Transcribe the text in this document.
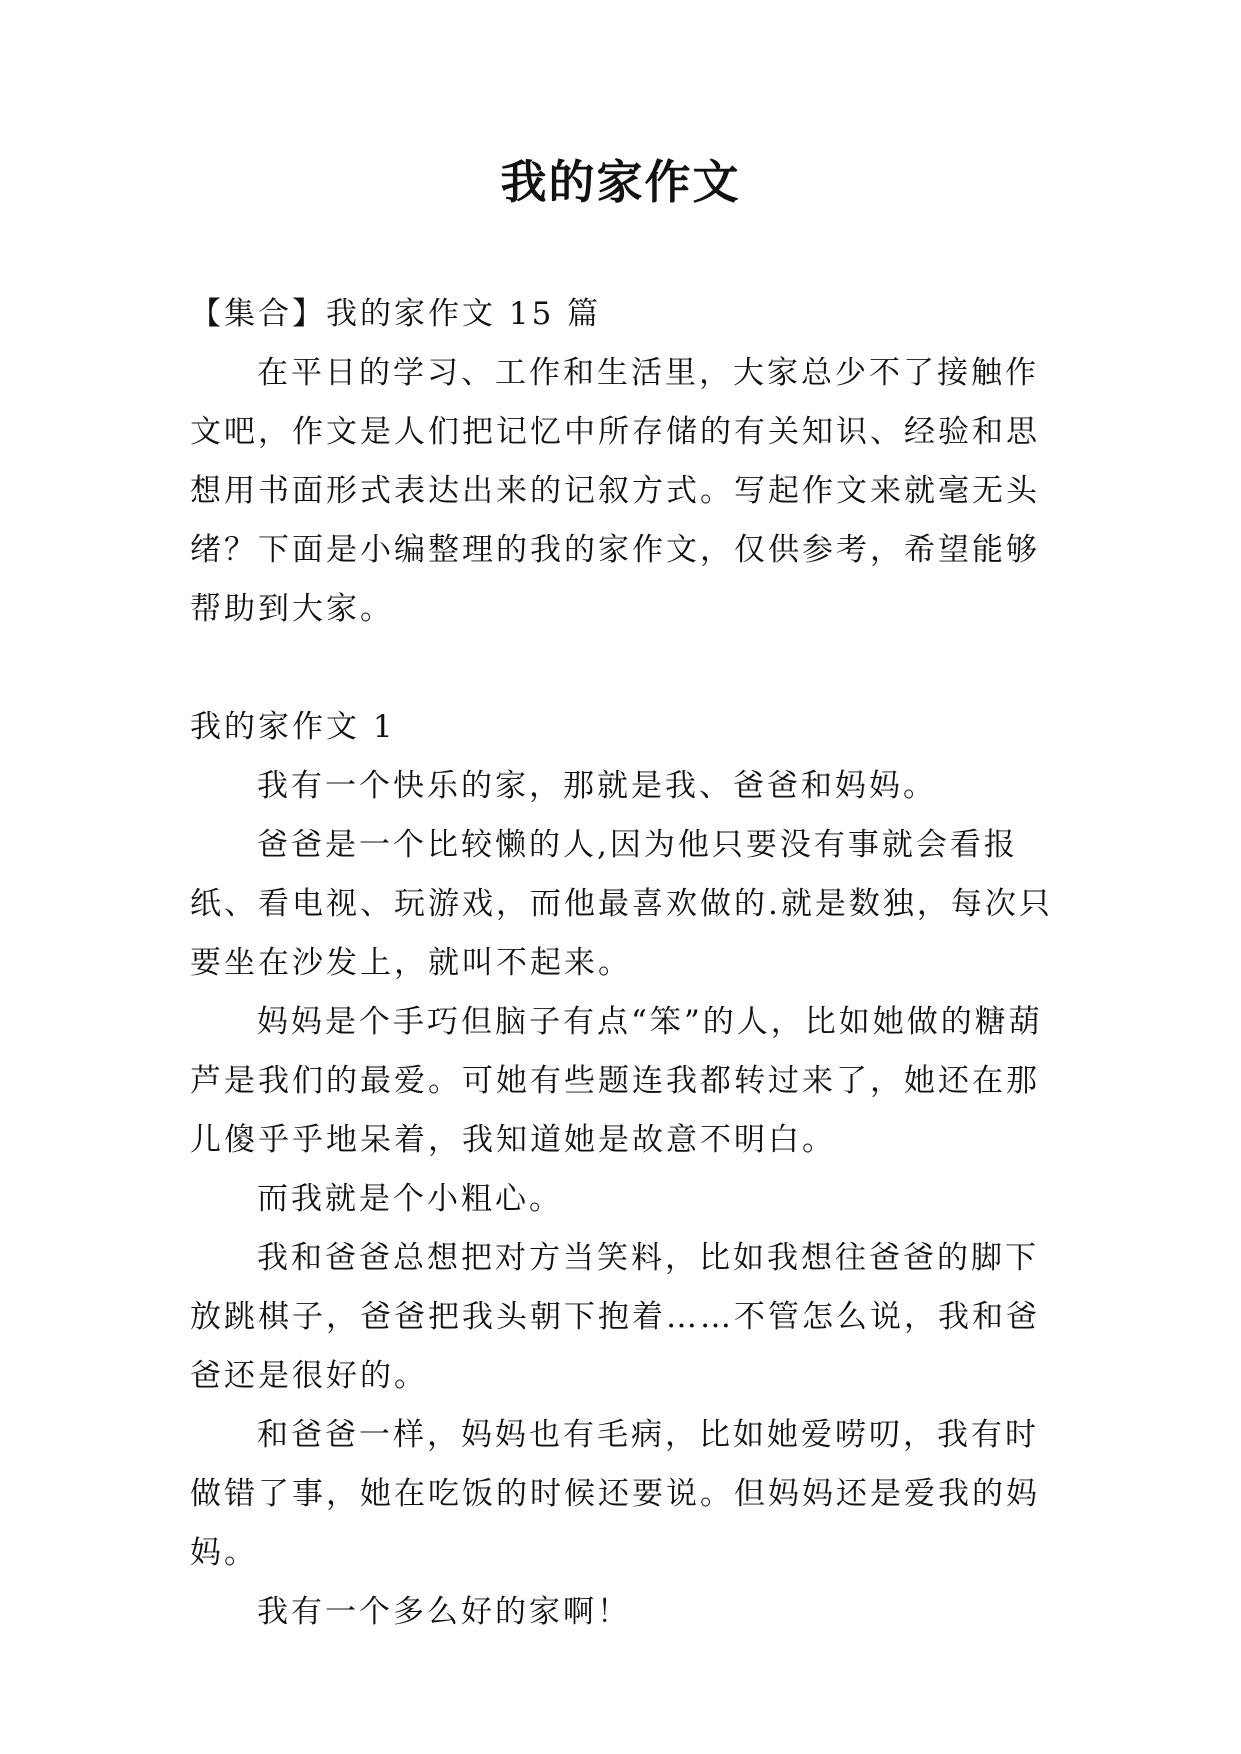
我的家作文

【集合】我的家作文 15 篇

在平日的学习、工作和生活里，大家总少不了接触作文吧，作文是人们把记忆中所存储的有关知识、经验和思想用书面形式表达出来的记叙方式。写起作文来就毫无头绪？下面是小编整理的我的家作文，仅供参考，希望能够帮助到大家。

我的家作文 1

我有一个快乐的家，那就是我、爸爸和妈妈。

爸爸是一个比较懒的人,因为他只要没有事就会看报纸、看电视、玩游戏，而他最喜欢做的.就是数独，每次只要坐在沙发上，就叫不起来。

妈妈是个手巧但脑子有点“笨”的人，比如她做的糖葫芦是我们的最爱。可她有些题连我都转过来了，她还在那儿傻乎乎地呆着，我知道她是故意不明白。

而我就是个小粗心。

我和爸爸总想把对方当笑料，比如我想往爸爸的脚下放跳棋子，爸爸把我头朝下抱着……不管怎么说，我和爸爸还是很好的。

和爸爸一样，妈妈也有毛病，比如她爱唠叨，我有时做错了事，她在吃饭的时候还要说。但妈妈还是爱我的妈妈。

我有一个多么好的家啊！
